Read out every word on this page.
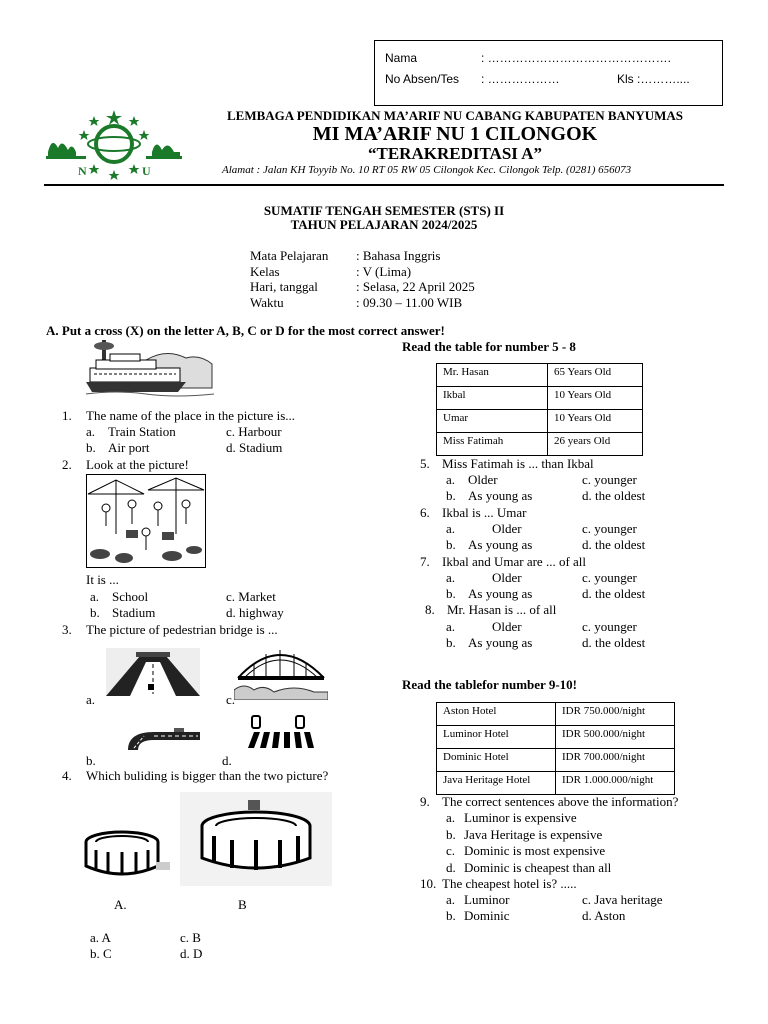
Nama	: ……………………………………….
No Absen/Tes : ………………	Kls :………....
N	U
LEMBAGA PENDIDIKAN MA’ARIF NU CABANG KABUPATEN BANYUMAS
MI MA’ARIF NU 1 CILONGOK
“TERAKREDITASI A”
Alamat : Jalan KH Toyyib No. 10 RT 05 RW 05 Cilongok Kec. Cilongok Telp. (0281) 656073
SUMATIF TENGAH SEMESTER (STS) II
TAHUN PELAJARAN 2024/2025
Mata Pelajaran	: Bahasa Inggris
Kelas	: V (Lima)
Hari, tanggal	: Selasa, 22 April 2025
Waktu	: 09.30 – 11.00 WIB
A. Put a cross (X) on the letter A, B, C or D for the most correct answer!
1. The name of the place in the picture is...
a. Train Station	c. Harbour
b. Air port	d. Stadium
2. Look at the picture!
It is ...
a. School	c. Market
b. Stadium	d. highway
3. The picture of pedestrian bridge is ...
a.	c.
b.	d.
4. Which buliding is bigger than the two picture?
A.	B
a. A	c. B
b. C	d. D
Read the table for number 5 - 8
Mr. Hasan	65 Years Old
Ikbal	10 Years Old
Umar	10 Years Old
Miss Fatimah	26 years Old
5. Miss Fatimah is ... than Ikbal
a. Older	c. younger
b. As young as	d. the oldest
6. Ikbal is ... Umar
a.	Older	c. younger
b. As young as	d. the oldest
7. Ikbal and Umar are ... of all
a.	Older	c. younger
b. As young as	d. the oldest
8. Mr. Hasan is ... of all
a.	Older	c. younger
b. As young as	d. the oldest
Read the tablefor number 9-10!
Aston Hotel	IDR 750.000/night
Luminor Hotel	IDR 500.000/night
Dominic Hotel	IDR 700.000/night
Java Heritage Hotel	IDR 1.000.000/night
9. The correct sentences above the information?
a. Luminor is expensive
b. Java Heritage is expensive
c. Dominic is most expensive
d. Dominic is cheapest than all
10. The cheapest hotel is? .....
a. Luminor	c. Java heritage
b. Dominic	d. Aston
